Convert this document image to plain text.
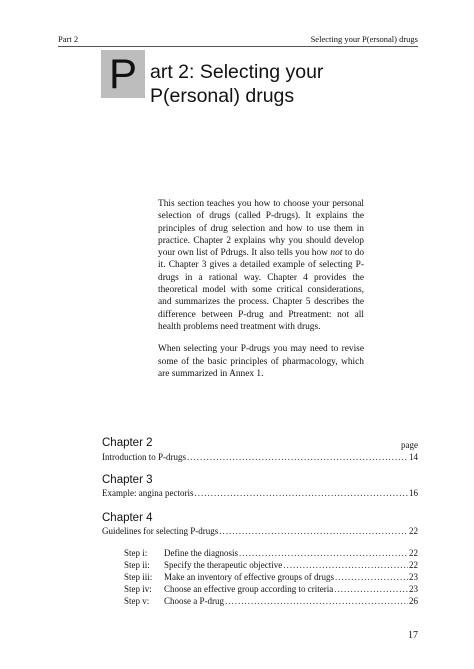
Part 2	Selecting your P(ersonal) drugs
P art 2: Selecting your
P(ersonal) drugs

This section teaches you how to choose your personal selection of drugs (called P-drugs). It explains the principles of drug selection and how to use them in practice. Chapter 2 explains why you should develop your own list of Pdrugs. It also tells you how not to do it. Chapter 3 gives a detailed example of selecting P-drugs in a rational way. Chapter 4 provides the theoretical model with some critical considerations, and summarizes the process. Chapter 5 describes the difference between P-drug and Ptreatment: not all health problems need treatment with drugs.

When selecting your P-drugs you may need to revise some of the basic principles of pharmacology, which are summarized in Annex 1.

Chapter 2	page
Introduction to P-drugs .....	14
Chapter 3
Example: angina pectoris .....	16
Chapter 4
Guidelines for selecting P-drugs .....	22
Step i:	Define the diagnosis .....	22
Step ii:	Specify the therapeutic objective .....	22
Step iii:	Make an inventory of effective groups of drugs .....	23
Step iv:	Choose an effective group according to criteria .....	23
Step v:	Choose a P-drug .....	26
17
